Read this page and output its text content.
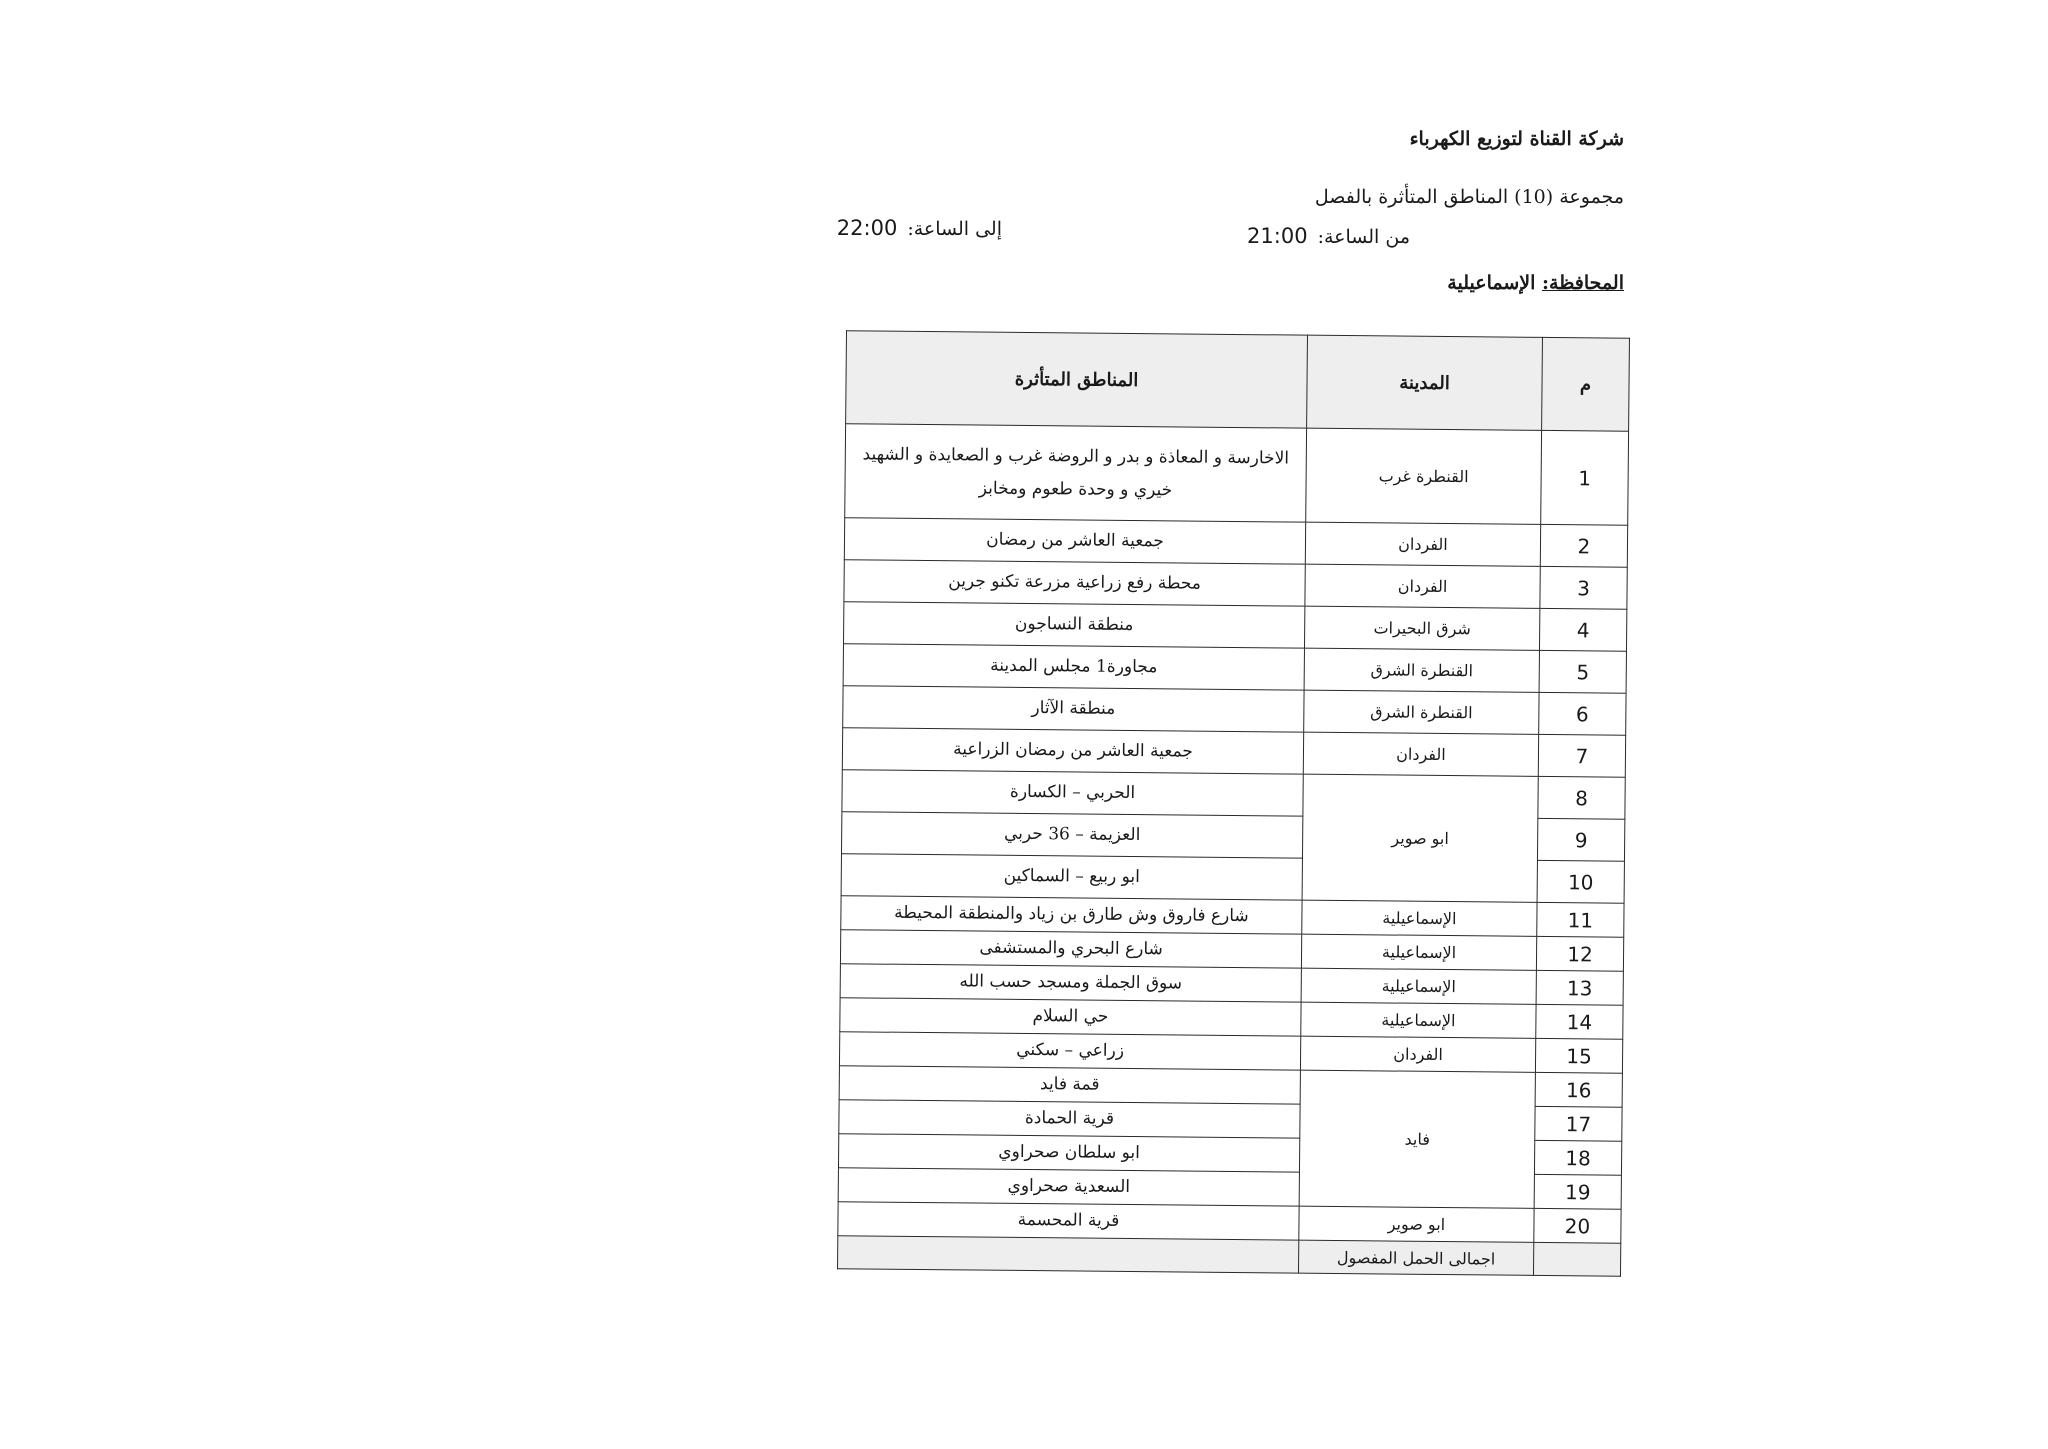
شركة القناة لتوزيع الكهرباء
مجموعة (10) المناطق المتأثرة بالفصل
من الساعة:21:00
إلى الساعة:22:00
المحافظة: الإسماعيلية
م	المدينة	المناطق المتأثرة
1	القنطرة غرب	الاخارسة و المعاذة و بدر و الروضة غرب و الصعايدة و الشهيد خيري و وحدة طعوم ومخابز
2	الفردان	جمعية العاشر من رمضان
3	الفردان	محطة رفع زراعية مزرعة تكنو جرين
4	شرق البحيرات	منطقة النساجون
5	القنطرة الشرق	مجاورة1 مجلس المدينة
6	القنطرة الشرق	منطقة الآثار
7	الفردان	جمعية العاشر من رمضان الزراعية
8	ابو صوير	الحربي – الكسارة
9		العزيمة – 36 حربي
10		ابو ربيع – السماكين
11	الإسماعيلية	شارع فاروق وش طارق بن زياد والمنطقة المحيطة
12	الإسماعيلية	شارع البحري والمستشفى
13	الإسماعيلية	سوق الجملة ومسجد حسب الله
14	الإسماعيلية	حي السلام
15	الفردان	زراعي – سكني
16	فايد	قمة فايد
17		قرية الحمادة
18		ابو سلطان صحراوي
19		السعدية صحراوي
20	ابو صوير	قرية المحسمة
	اجمالى الحمل المفصول	
